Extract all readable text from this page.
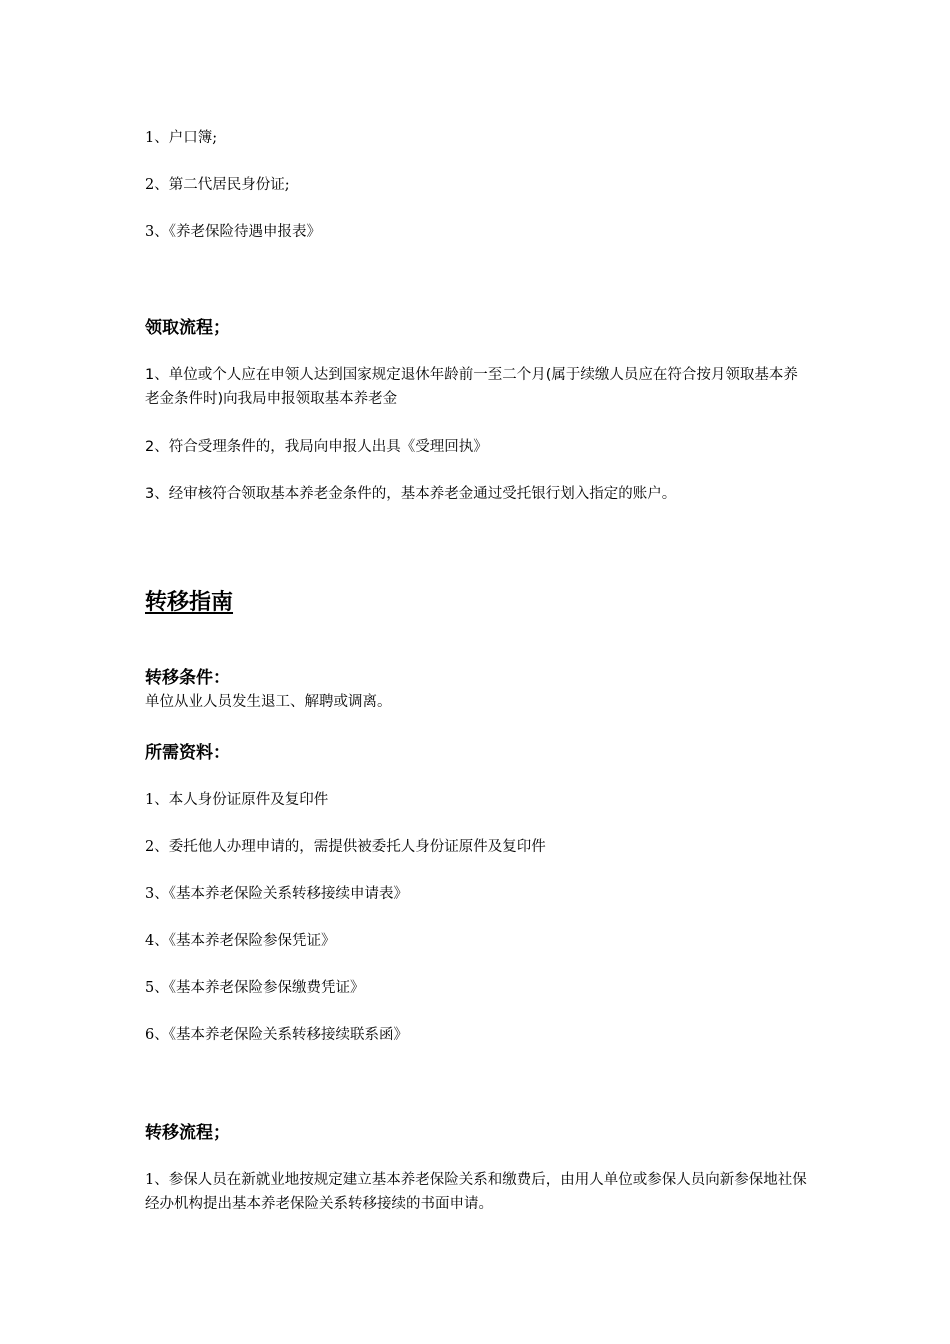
1、户口簿;
2、第二代居民身份证;
3、《养老保险待遇申报表》
领取流程；
1、单位或个人应在申领人达到国家规定退休年龄前一至二个月(属于续缴人员应在符合按月领取基本养老金条件时)向我局申报领取基本养老金
2、符合受理条件的，我局向申报人出具《受理回执》
3、经审核符合领取基本养老金条件的，基本养老金通过受托银行划入指定的账户。
转移指南
转移条件：
单位从业人员发生退工、解聘或调离。
所需资料：
1、本人身份证原件及复印件
2、委托他人办理申请的，需提供被委托人身份证原件及复印件
3、《基本养老保险关系转移接续申请表》
4、《基本养老保险参保凭证》
5、《基本养老保险参保缴费凭证》
6、《基本养老保险关系转移接续联系函》
转移流程；
1、参保人员在新就业地按规定建立基本养老保险关系和缴费后，由用人单位或参保人员向新参保地社保经办机构提出基本养老保险关系转移接续的书面申请。
